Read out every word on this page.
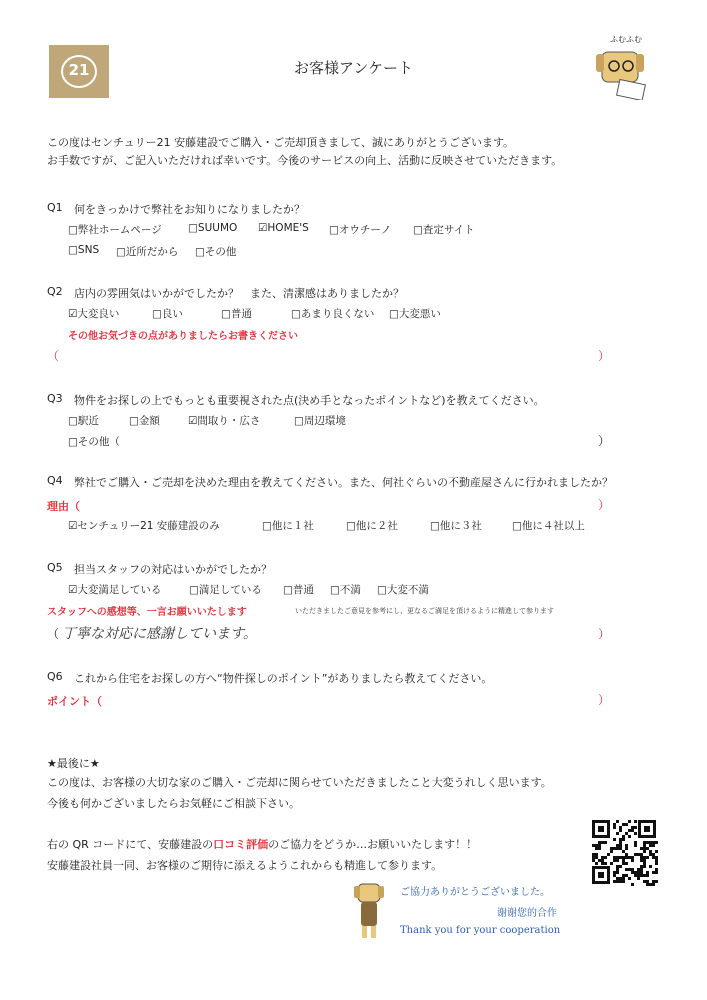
21	お客様アンケート
ふむふむ
この度はセンチュリー21 安藤建設でご購入・ご売却頂きまして、誠にありがとうございます。
お手数ですが、ご記入いただければ幸いです。今後のサービスの向上、活動に反映させていただきます。
Q1 何をきっかけで弊社をお知りになりましたか？
□弊社ホームページ	□SUUMO ☑HOME'S □オウチーノ □査定サイト
□SNS □近所だから □その他
Q2 店内の雰囲気はいかがでしたか？　また、清潔感はありましたか？
☑大変良い	□良い	□普通	□あまり良くない □大変悪い
その他お気づきの点がありましたらお書きください
（	）
Q3 物件をお探しの上でもっとも重要視された点(決め手となったポイントなど)を教えてください。
□駅近	□金額	☑間取り・広さ	□周辺環境
□その他（	）
Q4 弊社でご購入・ご売却を決めた理由を教えてください。また、何社ぐらいの不動産屋さんに行かれましたか？
理由（	）
☑センチュリー21 安藤建設のみ	□他に１社	□他に２社	□他に３社	□他に４社以上
Q5 担当スタッフの対応はいかがでしたか？
☑大変満足している	□満足している □普通 □不満 □大変不満
スタッフへの感想等、一言お願いいたします	いただきましたご意見を参考にし、更なるご満足を頂けるように精進して参ります
（ 丁寧な対応に感謝しています。	）
Q6 これから住宅をお探しの方へ“物件探しのポイント”がありましたら教えてください。
ポイント（	）
★最後に★
この度は、お客様の大切な家のご購入・ご売却に関らせていただきましたこと大変うれしく思います。
今後も何かございましたらお気軽にご相談下さい。
右の QR コードにて、安藤建設の口コミ評価のご協力をどうか…お願いいたします！！
安藤建設社員一同、お客様のご期待に添えるようこれからも精進して参ります。
ご協力ありがとうございました。
谢谢您的合作
Thank you for your cooperation
